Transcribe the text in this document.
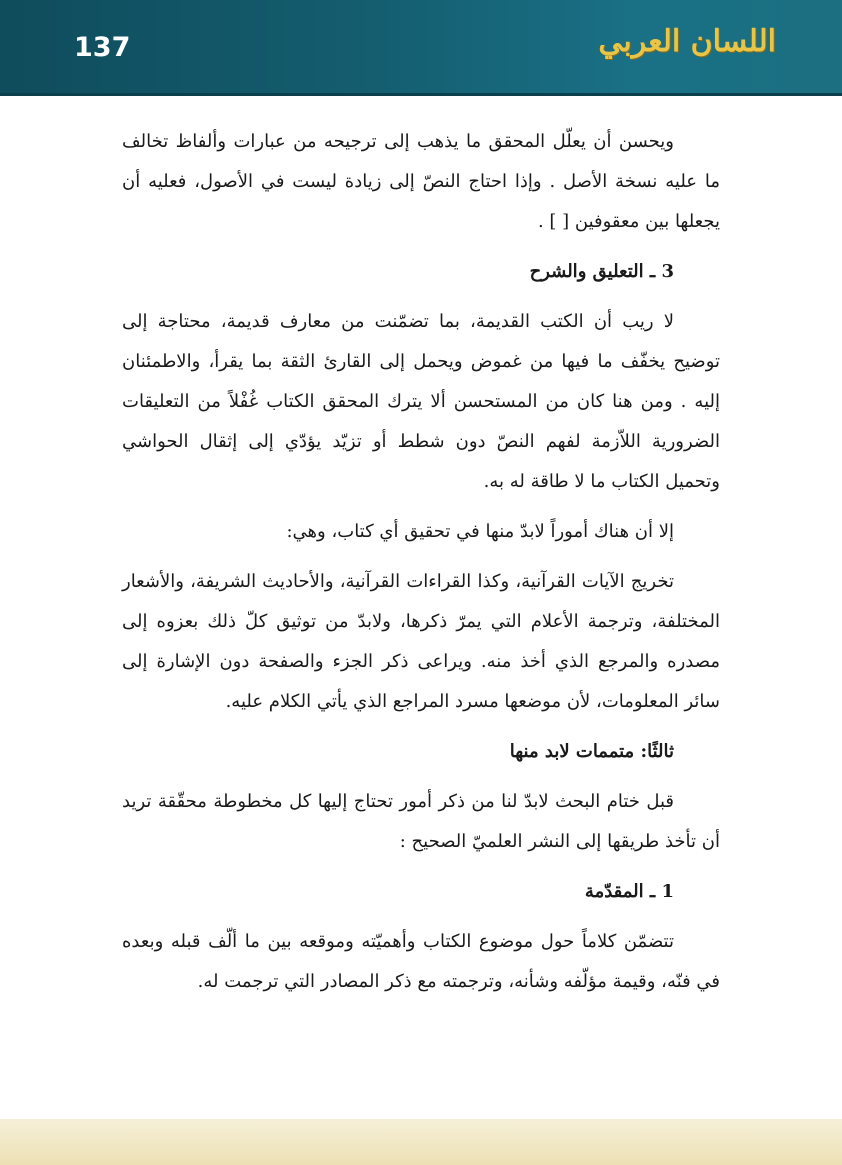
137	اللسان العربي

ويحسن أن يعلّل المحقق ما يذهب إلى ترجيحه من عبارات وألفاظ تخالف ما عليه نسخة الأصل . وإذا احتاج النصّ إلى زيادة ليست في الأصول، فعليه أن يجعلها بين معقوفين [ ] .

3 ـ التعليق والشرح

لا ريب أن الكتب القديمة، بما تضمّنت من معارف قديمة، محتاجة إلى توضيح يخفّف ما فيها من غموض ويحمل إلى القارئ الثقة بما يقرأ، والاطمئنان إليه . ومن هنا كان من المستحسن ألا يترك المحقق الكتاب غُفْلاً من التعليقات الضرورية اللاّزمة لفهم النصّ دون شطط أو تزيّد يؤدّي إلى إثقال الحواشي وتحميل الكتاب ما لا طاقة له به.

إلا أن هناك أموراً لابدّ منها في تحقيق أي كتاب، وهي:

تخريج الآيات القرآنية، وكذا القراءات القرآنية، والأحاديث الشريفة، والأشعار المختلفة، وترجمة الأعلام التي يمرّ ذكرها، ولابدّ من توثيق كلّ ذلك بعزوه إلى مصدره والمرجع الذي أخذ منه. ويراعى ذكر الجزء والصفحة دون الإشارة إلى سائر المعلومات، لأن موضعها مسرد المراجع الذي يأتي الكلام عليه.

ثالثًا: متممات لابد منها

قبل ختام البحث لابدّ لنا من ذكر أمور تحتاج إليها كل مخطوطة محقّقة تريد أن تأخذ طريقها إلى النشر العلميّ الصحيح :

1 ـ المقدّمة

تتضمّن كلاماً حول موضوع الكتاب وأهميّته وموقعه بين ما ألّف قبله وبعده في فنّه، وقيمة مؤلّفه وشأنه، وترجمته مع ذكر المصادر التي ترجمت له.
